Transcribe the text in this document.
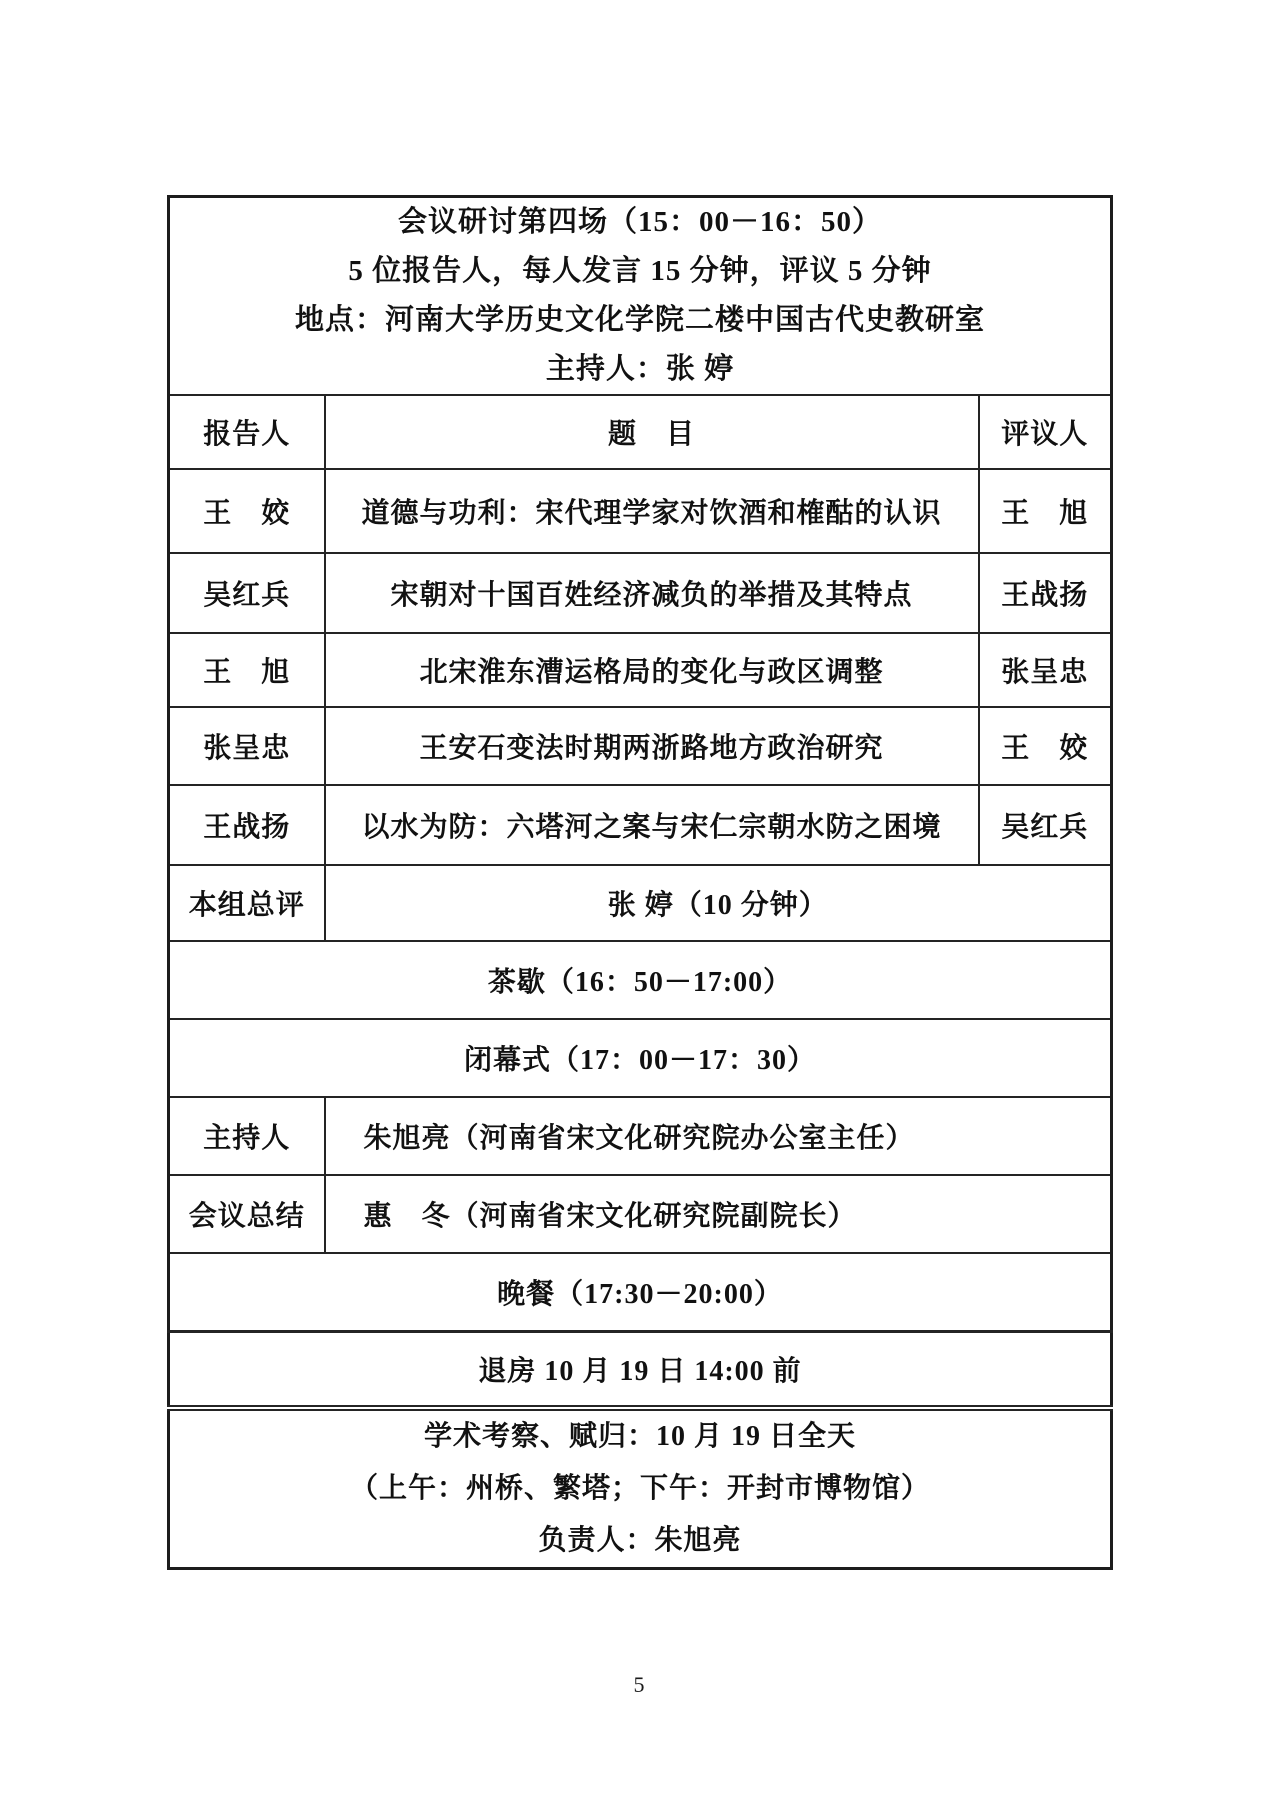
会议研讨第四场（15：00－16：50）
5 位报告人，每人发言 15 分钟，评议 5 分钟
地点：河南大学历史文化学院二楼中国古代史教研室
主持人：张 婷		

报告人	题　目	评议人
王　姣	道德与功利：宋代理学家对饮酒和榷酤的认识	王　旭
吴红兵	宋朝对十国百姓经济减负的举措及其特点	王战扬
王　旭	北宋淮东漕运格局的变化与政区调整	张呈忠
张呈忠	王安石变法时期两浙路地方政治研究	王　姣
王战扬	以水为防：六塔河之案与宋仁宗朝水防之困境	吴红兵
本组总评	张 婷（10 分钟）	
茶歇（16：50－17:00）		
闭幕式（17：00－17：30）		
主持人	朱旭亮（河南省宋文化研究院办公室主任）	
会议总结	惠　冬（河南省宋文化研究院副院长）	
晚餐（17:30－20:00）		
退房 10 月 19 日 14:00 前		

学术考察、赋归：10 月 19 日全天
（上午：州桥、繁塔；下午：开封市博物馆）
负责人：朱旭亮		
5
